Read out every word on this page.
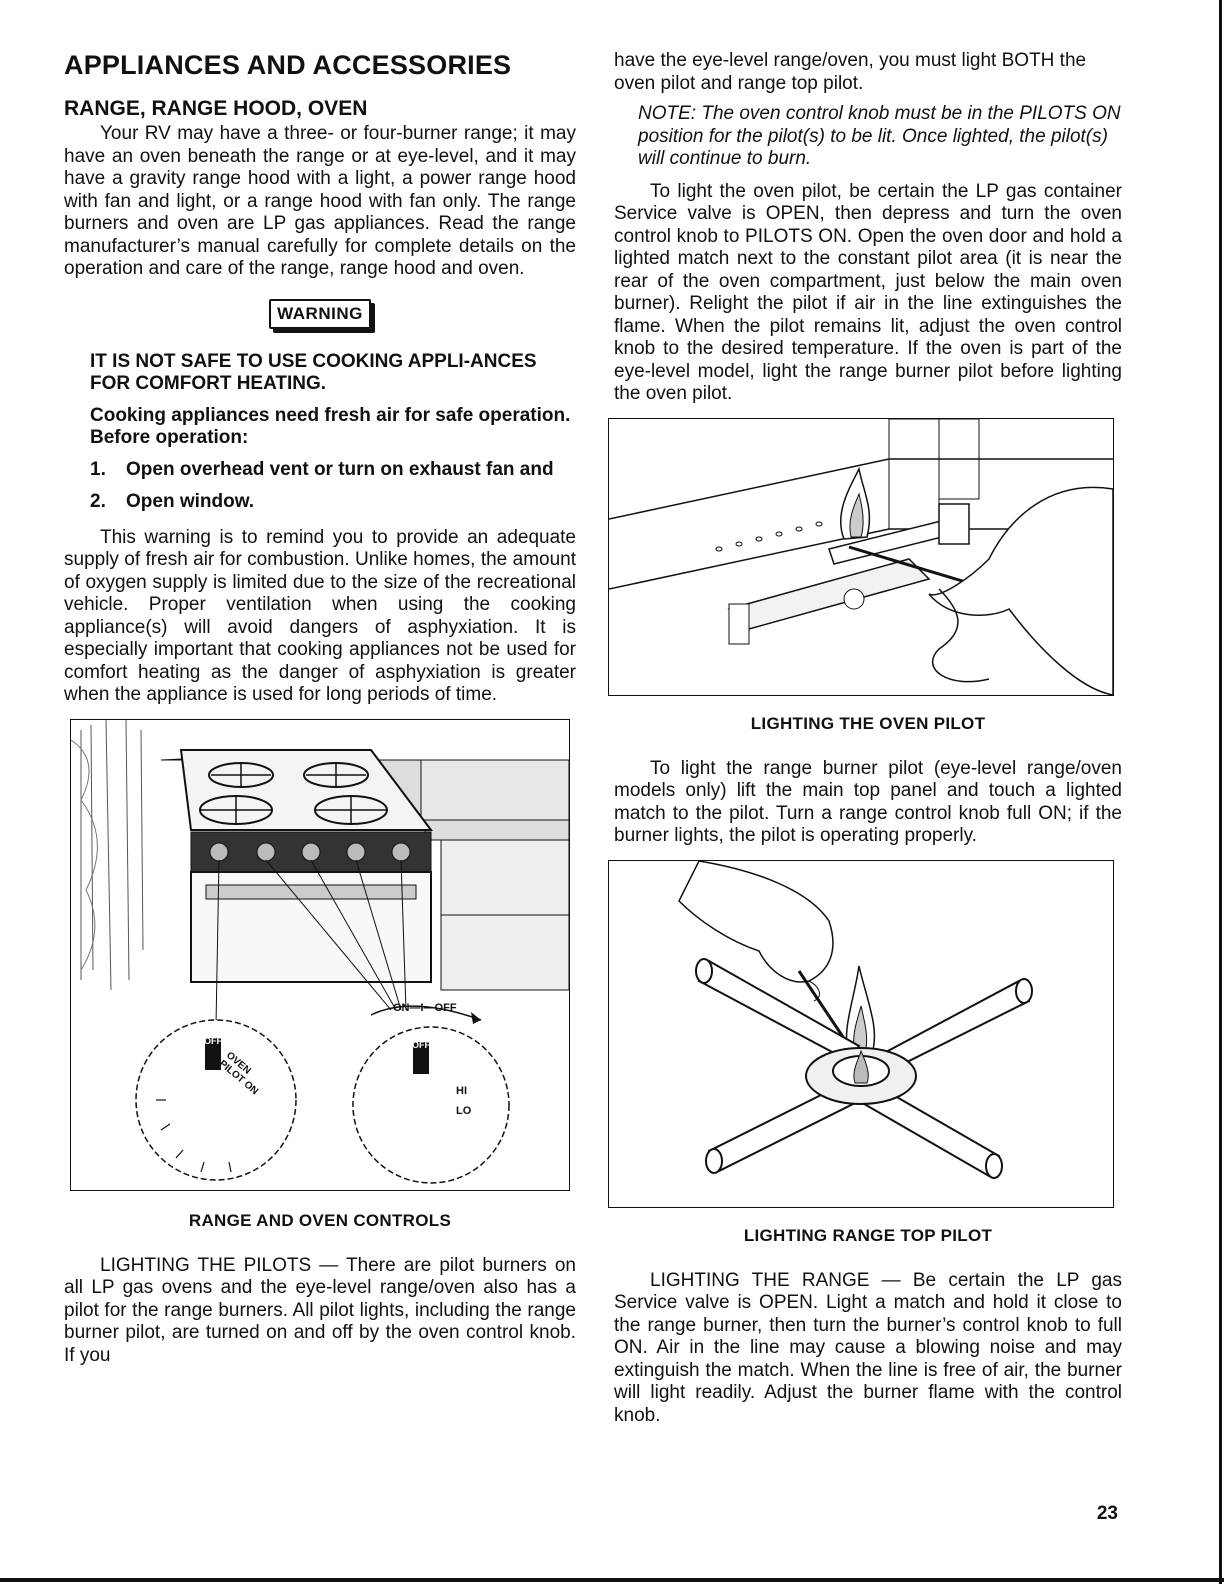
APPLIANCES AND ACCESSORIES
RANGE, RANGE HOOD, OVEN

Your RV may have a three- or four-burner range; it may have an oven beneath the range or at eye-level, and it may have a gravity range hood with a light, a power range hood with fan and light, or a range hood with fan only. The range burners and oven are LP gas appliances. Read the range manufacturer’s manual carefully for complete details on the operation and care of the range, range hood and oven.

WARNING
IT IS NOT SAFE TO USE COOKING APPLI-ANCES FOR COMFORT HEATING.
Cooking appliances need fresh air for safe operation. Before operation:
1.	Open overhead vent or turn on exhaust fan and
2.	Open window.

This warning is to remind you to provide an adequate supply of fresh air for combustion. Unlike homes, the amount of oxygen supply is limited due to the size of the recreational vehicle. Proper ventilation when using the cooking appliance(s) will avoid dangers of asphyxiation. It is especially important that cooking appliances not be used for comfort heating as the danger of asphyxiation is greater when the appliance is used for long periods of time.

OFF
OVEN PILOT ON
OFF
ON—I—OFF
HI
LO
RANGE AND OVEN CONTROLS

LIGHTING THE PILOTS — There are pilot burners on all LP gas ovens and the eye-level range/oven also has a pilot for the range burners. All pilot lights, including the range burner pilot, are turned on and off by the oven control knob. If you

have the eye-level range/oven, you must light BOTH the oven pilot and range top pilot.

NOTE: The oven control knob must be in the PILOTS ON position for the pilot(s) to be lit. Once lighted, the pilot(s) will continue to burn.

To light the oven pilot, be certain the LP gas container Service valve is OPEN, then depress and turn the oven control knob to PILOTS ON. Open the oven door and hold a lighted match next to the constant pilot area (it is near the rear of the oven compartment, just below the main oven burner). Relight the pilot if air in the line extinguishes the flame. When the pilot remains lit, adjust the oven control knob to the desired temperature. If the oven is part of the eye-level model, light the range burner pilot before lighting the oven pilot.

LIGHTING THE OVEN PILOT

To light the range burner pilot (eye-level range/oven models only) lift the main top panel and touch a lighted match to the pilot. Turn a range control knob full ON; if the burner lights, the pilot is operating properly.

LIGHTING RANGE TOP PILOT

LIGHTING THE RANGE — Be certain the LP gas Service valve is OPEN. Light a match and hold it close to the range burner, then turn the burner’s control knob to full ON. Air in the line may cause a blowing noise and may extinguish the match. When the line is free of air, the burner will light readily. Adjust the burner flame with the control knob.

23
